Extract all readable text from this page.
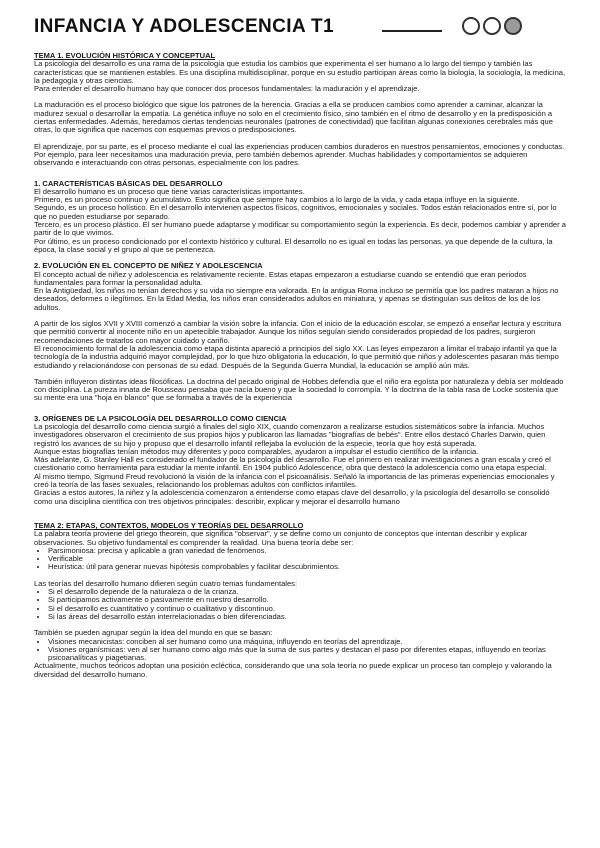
INFANCIA Y ADOLESCENCIA T1

TEMA 1. EVOLUCIÓN HISTÓRICA Y CONCEPTUAL

La psicología del desarrollo es una rama de la psicología que estudia los cambios que experimenta el ser humano a lo largo del tiempo y también las características que se mantienen estables. Es una disciplina multidisciplinar, porque en su estudio participan áreas como la biología, la sociología, la medicina, la pedagogía y otras ciencias.

Para entender el desarrollo humano hay que conocer dos procesos fundamentales: la maduración y el aprendizaje.

La maduración es el proceso biológico que sigue los patrones de la herencia. Gracias a ella se producen cambios como aprender a caminar, alcanzar la madurez sexual o desarrollar la empatía. La genética influye no solo en el crecimiento físico, sino también en el ritmo de desarrollo y en la predisposición a ciertas enfermedades. Además, heredamos ciertas tendencias neuronales (patrones de conectividad) que facilitan algunas conexiones cerebrales más que otras, lo que significa que nacemos con esquemas previos o predisposiciones.

El aprendizaje, por su parte, es el proceso mediante el cual las experiencias producen cambios duraderos en nuestros pensamientos, emociones y conductas. Por ejemplo, para leer necesitamos una maduración previa, pero también debemos aprender. Muchas habilidades y comportamientos se adquieren observando e interactuando con otras personas, especialmente con los padres.

1. CARACTERÍSTICAS BÁSICAS DEL DESARROLLO

El desarrollo humano es un proceso que tiene varias características importantes.

Primero, es un proceso continuo y acumulativo. Esto significa que siempre hay cambios a lo largo de la vida, y cada etapa influye en la siguiente.

Segundo, es un proceso holístico. En el desarrollo intervienen aspectos físicos, cognitivos, emocionales y sociales. Todos están relacionados entre sí, por lo que no pueden estudiarse por separado.

Tercero, es un proceso plástico. El ser humano puede adaptarse y modificar su comportamiento según la experiencia. Es decir, podemos cambiar y aprender a partir de lo que vivimos.

Por último, es un proceso condicionado por el contexto histórico y cultural. El desarrollo no es igual en todas las personas, ya que depende de la cultura, la época, la clase social y el grupo al que se pertenezca.

2. EVOLUCIÓN EN EL CONCEPTO DE NIÑEZ Y ADOLESCENCIA

El concepto actual de niñez y adolescencia es relativamente reciente. Estas etapas empezaron a estudiarse cuando se entendió que eran periodos fundamentales para formar la personalidad adulta.

En la Antigüedad, los niños no tenían derechos y su vida no siempre era valorada. En la antigua Roma incluso se permitía que los padres mataran a hijos no deseados, deformes o ilegítimos. En la Edad Media, los niños eran considerados adultos en miniatura, y apenas se distinguían sus delitos de los de los adultos.

A partir de los siglos XVII y XVIII comenzó a cambiar la visión sobre la infancia. Con el inicio de la educación escolar, se empezó a enseñar lectura y escritura que permitió convertir al inocente niño en un apetecible trabajador. Aunque los niños seguían siendo considerados propiedad de los padres, surgieron recomendaciones de tratarlos con mayor cuidado y cariño.

El reconocimiento formal de la adolescencia como etapa distinta apareció a principios del siglo XX. Las leyes empezaron a limitar el trabajo infantil ya que la tecnología de la industria adquirió mayor complejidad, por lo que hizo obligatoria la educación, lo que permitió que niños y adolescentes pasaran más tiempo estudiando y relacionándose con personas de su edad. Después de la Segunda Guerra Mundial, la educación se amplió aún más.

También influyeron distintas ideas filosóficas. La doctrina del pecado original de Hobbes defendía que el niño era egoísta por naturaleza y debía ser moldeado con disciplina. La pureza innata de Rousseau pensaba que nacía bueno y que la sociedad lo corrompía. Y la doctrina de la tabla rasa de Locke sostenía que su mente era una "hoja en blanco" que se formaba a través de la experiencia

3. ORÍGENES DE LA PSICOLOGÍA DEL DESARROLLO COMO CIENCIA

La psicología del desarrollo como ciencia surgió a finales del siglo XIX, cuando comenzaron a realizarse estudios sistemáticos sobre la infancia. Muchos investigadores observaron el crecimiento de sus propios hijos y publicaron las llamadas "biografías de bebés". Entre ellos destacó Charles Darwin, quien registró los avances de su hijo y propuso que el desarrollo infantil reflejaba la evolución de la especie, teoría que hoy está superada.

Aunque estas biografías tenían métodos muy diferentes y poco comparables, ayudaron a impulsar el estudio científico de la infancia.

Más adelante, G. Stanley Hall es considerado el fundador de la psicología del desarrollo. Fue el primero en realizar investigaciones a gran escala y creó el cuestionario como herramienta para estudiar la mente infantil. En 1904 publicó Adolescence, obra que destacó la adolescencia como una etapa especial.

Al mismo tiempo, Sigmund Freud revolucionó la visión de la infancia con el psicoanálisis. Señaló la importancia de las primeras experiencias emocionales y creó la teoría de las fases sexuales, relacionando los problemas adultos con conflictos infantiles.

Gracias a estos autores, la niñez y la adolescencia comenzaron a entenderse como etapas clave del desarrollo, y la psicología del desarrollo se consolidó como una disciplina científica con tres objetivos principales: describir, explicar y mejorar el desarrollo humano

TEMA 2: ETAPAS, CONTEXTOS, MODELOS Y TEORÍAS DEL DESARROLLO

La palabra teoría proviene del griego theorein, que significa "observar", y se define como un conjunto de conceptos que intentan describir y explicar observaciones. Su objetivo fundamental es comprender la realidad. Una buena teoría debe ser:

• Parsimoniosa: precisa y aplicable a gran variedad de fenómenos.
• Verificable
• Heurística: útil para generar nuevas hipótesis comprobables y facilitar descubrimientos.

Las teorías del desarrollo humano difieren según cuatro temas fundamentales:

• Si el desarrollo depende de la naturaleza o de la crianza.
• Si participamos activamente o pasivamente en nuestro desarrollo.
• Si el desarrollo es cuantitativo y continuo o cualitativo y discontinuo.
• Si las áreas del desarrollo están interrelacionadas o bien diferenciadas.

También se pueden agrupar según la idea del mundo en que se basan:

• Visiones mecanicistas: conciben al ser humano como una máquina, influyendo en teorías del aprendizaje.
• Visiones organísmicas: ven al ser humano como algo más que la suma de sus partes y destacan el paso por diferentes etapas, influyendo en teorías psicoanalíticas y piagetianas.

Actualmente, muchos teóricos adoptan una posición ecléctica, considerando que una sola teoría no puede explicar un proceso tan complejo y valorando la diversidad del desarrollo humano.
